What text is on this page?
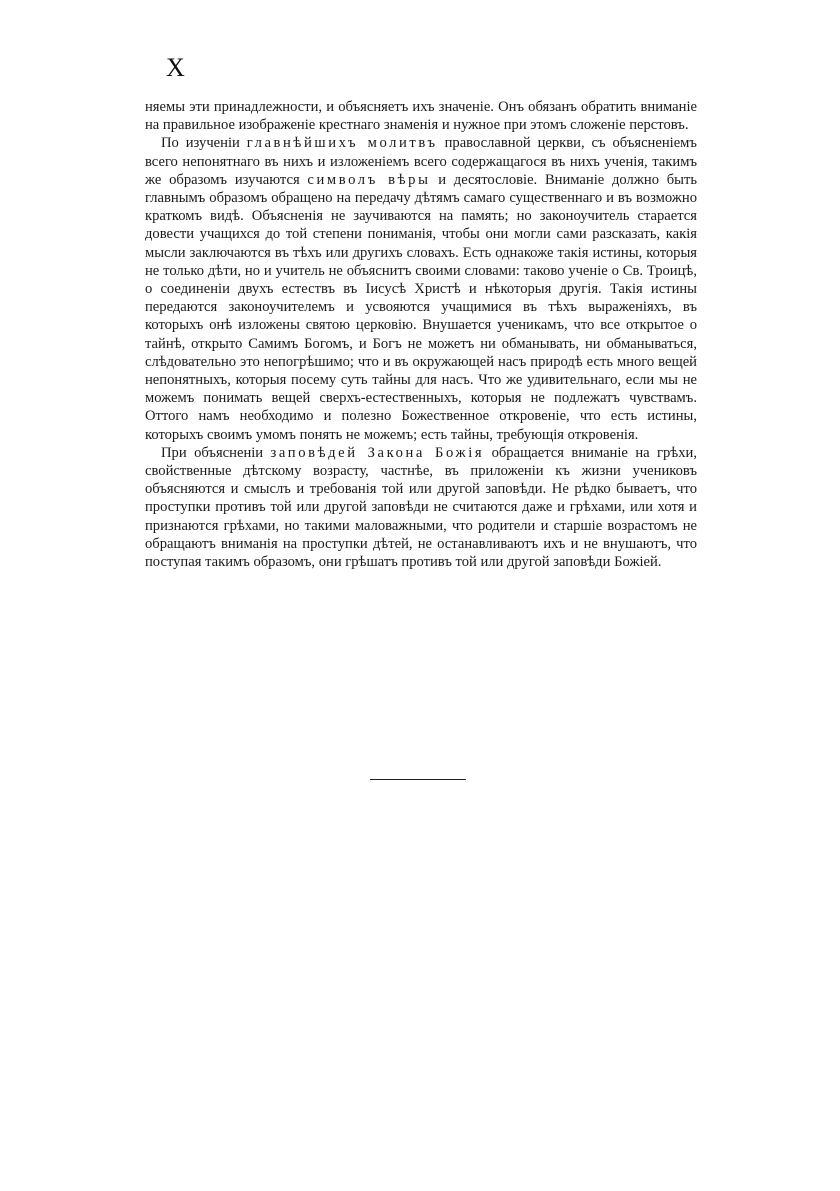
X

няемы эти принадлежности, и объясняетъ ихъ значеніе. Онъ обязанъ обратить вниманіе на правильное изображеніе крестнаго знаменія и нужное при этомъ сложеніе перстовъ.

По изученіи главнѣйшихъ молитвъ православной церкви, съ объясненіемъ всего непонятнаго въ нихъ и изложеніемъ всего содержащагося въ нихъ ученія, такимъ же образомъ изучаются символъ вѣры и десятословіе. Вниманіе должно быть главнымъ образомъ обращено на передачу дѣтямъ самаго существеннаго и въ возможно краткомъ видѣ. Объясненія не заучиваются на память; но законоучитель старается довести учащихся до той степени пониманія, чтобы они могли сами разсказать, какія мысли заключаются въ тѣхъ или другихъ словахъ. Есть однакоже такія истины, которыя не только дѣти, но и учитель не объяснитъ своими словами: таково ученіе о Св. Троицѣ, о соединеніи двухъ естествъ въ Іисусѣ Христѣ и нѣкоторыя другія. Такія истины передаются законоучителемъ и усвояются учащимися въ тѣхъ выраженіяхъ, въ которыхъ онѣ изложены святою церковію. Внушается ученикамъ, что все открытое о тайнѣ, открыто Самимъ Богомъ, и Богъ не можетъ ни обманывать, ни обманываться, слѣдовательно это непогрѣшимо; что и въ окружающей насъ природѣ есть много вещей непонятныхъ, которыя посему суть тайны для насъ. Что же удивительнаго, если мы не можемъ понимать вещей сверхъ-естественныхъ, которыя не подлежатъ чувствамъ. Оттого намъ необходимо и полезно Божественное откровеніе, что есть истины, которыхъ своимъ умомъ понять не можемъ; есть тайны, требующія откровенія.

При объясненіи заповѣдей Закона Божія обращается вниманіе на грѣхи, свойственные дѣтскому возрасту, частнѣе, въ приложеніи къ жизни учениковъ объясняются и смыслъ и требованія той или другой заповѣди. Не рѣдко бываетъ, что проступки противъ той или другой заповѣди не считаются даже и грѣхами, или хотя и признаются грѣхами, но такими маловажными, что родители и старшіе возрастомъ не обращаютъ вниманія на проступки дѣтей, не останавливаютъ ихъ и не внушаютъ, что поступая такимъ образомъ, они грѣшатъ противъ той или другой заповѣди Божіей.
